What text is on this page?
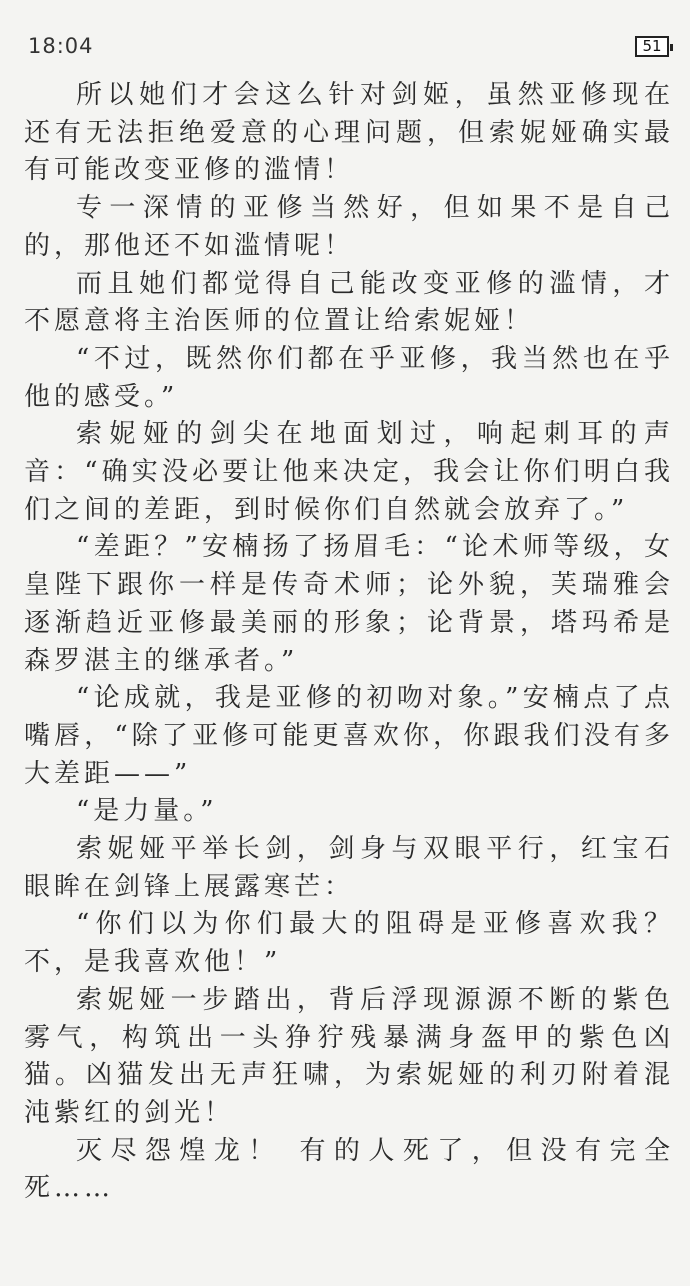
18:04	51

所以她们才会这么针对剑姬，虽然亚修现在还有无法拒绝爱意的心理问题，但索妮娅确实最有可能改变亚修的滥情！

专一深情的亚修当然好，但如果不是自己的，那他还不如滥情呢！

而且她们都觉得自己能改变亚修的滥情，才不愿意将主治医师的位置让给索妮娅！

“不过，既然你们都在乎亚修，我当然也在乎他的感受。”

索妮娅的剑尖在地面划过，响起刺耳的声音：“确实没必要让他来决定，我会让你们明白我们之间的差距，到时候你们自然就会放弃了。”

“差距？”安楠扬了扬眉毛：“论术师等级，女皇陛下跟你一样是传奇术师；论外貌，芙瑞雅会逐渐趋近亚修最美丽的形象；论背景，塔玛希是森罗湛主的继承者。”

“论成就，我是亚修的初吻对象。”安楠点了点嘴唇，“除了亚修可能更喜欢你，你跟我们没有多大差距——”

“是力量。”

索妮娅平举长剑，剑身与双眼平行，红宝石眼眸在剑锋上展露寒芒：

“你们以为你们最大的阻碍是亚修喜欢我？不，是我喜欢他！”

索妮娅一步踏出，背后浮现源源不断的紫色雾气，构筑出一头狰狞残暴满身盔甲的紫色凶猫。凶猫发出无声狂啸，为索妮娅的利刃附着混沌紫红的剑光！

灭尽怨煌龙！ 有的人死了，但没有完全死……
